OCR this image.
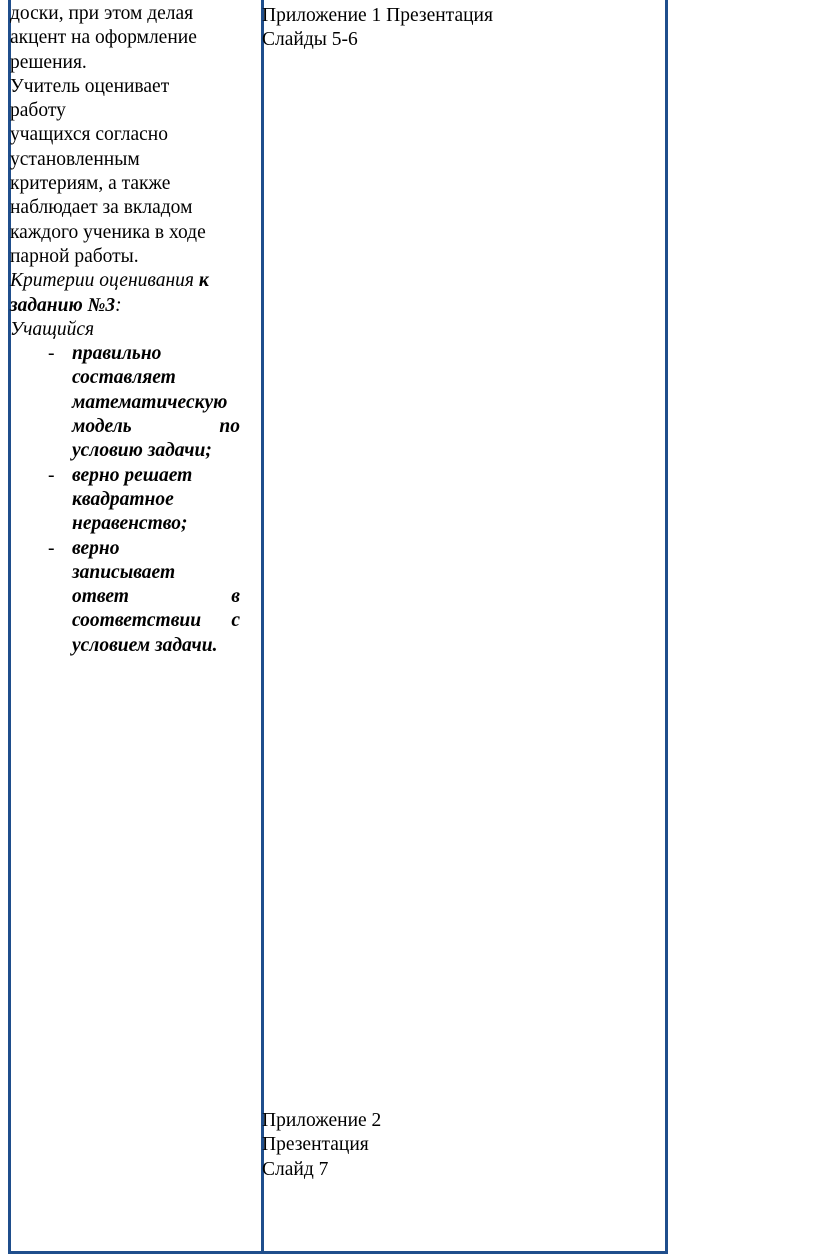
доски, при этом делая

акцент на оформление

решения.

Учитель оценивает

работу

учащихся согласно

установленным

критериям, а также

наблюдает за вкладом

каждого ученика в ходе

парной работы.

Критерии оценивания к

заданию №3:

Учащийся

- правильно
составляет
математическую
модель по
условию задачи;
- верно решает
квадратное
неравенство;
- верно
записывает
ответ в
соответствии с
условием задачи.
Приложение 1 Презентация
Слайды 5-6
Приложение 2
Презентация
Слайд 7
